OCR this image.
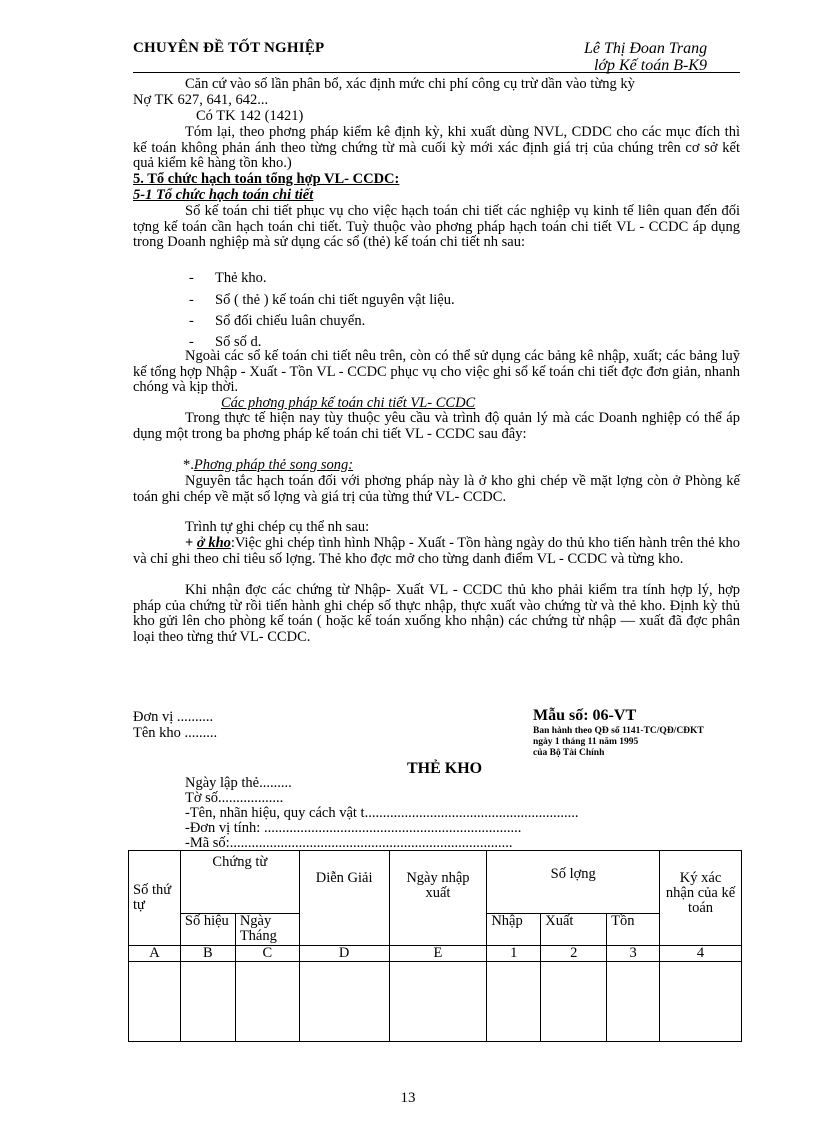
CHUYÊN ĐỀ TỐT NGHIỆP	Lê Thị Đoan Trang
lớp Kế toán B-K9
Căn cứ vào số lần phân bổ, xác định mức chi phí công cụ trừ dần vào từng kỳ
Nợ TK 627, 641, 642...
Có TK 142 (1421)
Tóm lại, theo phơng pháp kiểm kê định kỳ, khi xuất dùng NVL, CDDC cho các mục đích thì kế toán không phản ánh theo từng chứng từ mà cuối kỳ mới xác định giá trị của chúng trên cơ sở kết quả kiểm kê hàng tồn kho.)
5. Tổ chức hạch toán tổng hợp VL- CCDC:
5-1 Tổ chức hạch toán chi tiết
Sổ kế toán chi tiết phục vụ cho việc hạch toán chi tiết các nghiệp vụ kinh tế liên quan đến đối tợng kế toán cần hạch toán chi tiết. Tuỳ thuộc vào phơng pháp hạch toán chi tiết VL - CCDC áp dụng trong Doanh nghiệp mà sử dụng các sổ (thẻ) kế toán chi tiết nh sau:
- Thẻ kho.
- Sổ ( thẻ ) kế toán chi tiết nguyên vật liệu.
- Sổ đối chiếu luân chuyển.
- Sổ số d.
Ngoài các sổ kế toán chi tiết nêu trên, còn có thể sử dụng các bảng kê nhập, xuất; các bảng luỹ kế tổng hợp Nhập - Xuất - Tồn VL - CCDC phục vụ cho việc ghi sổ kế toán chi tiết đợc đơn giản, nhanh chóng và kịp thời.
Các phơng pháp kế toán chi tiết VL- CCDC
Trong thực tế hiện nay tùy thuộc yêu cầu và trình độ quản lý mà các Doanh nghiệp có thể áp dụng một trong ba phơng pháp kế toán chi tiết VL - CCDC sau đây:
*.Phơng pháp thẻ song song:
Nguyên tắc hạch toán đối với phơng pháp này là ở kho ghi chép về mặt lợng còn ở Phòng kế toán ghi chép về mặt số lợng và giá trị của từng thứ VL- CCDC.
Trình tự ghi chép cụ thể nh sau:
+ ở kho:Việc ghi chép tình hình Nhập - Xuất - Tồn hàng ngày do thủ kho tiến hành trên thẻ kho và chỉ ghi theo chỉ tiêu số lợng. Thẻ kho đợc mở cho từng danh điểm VL - CCDC và từng kho.
Khi nhận đợc các chứng từ Nhập- Xuất VL - CCDC thủ kho phải kiểm tra tính hợp lý, hợp pháp của chứng từ rồi tiến hành ghi chép số thực nhập, thực xuất vào chứng từ và thẻ kho. Định kỳ thủ kho gửi lên cho phòng kế toán ( hoặc kế toán xuống kho nhận) các chứng từ nhập — xuất đã đợc phân loại theo từng thứ VL- CCDC.
Đơn vị ..........
Tên kho .........
Mẫu số: 06-VT
Ban hành theo QĐ số 1141-TC/QĐ/CĐKT
ngày 1 tháng 11 năm 1995
của Bộ Tài Chính
THẺ KHO
Ngày lập thẻ.........
Tờ số..................
-Tên, nhãn hiệu, quy cách vật t...........................................................
-Đơn vị tính: .......................................................................
-Mã số:..............................................................................
Số thứ tự	Chứng từ		Diễn Giải	Ngày nhập xuất	Số lợng			Ký xác nhận của kế toán
	Số hiệu	Ngày Tháng			Nhập	Xuất	Tồn	
A	B	C	D	E	1	2	3	4

13
